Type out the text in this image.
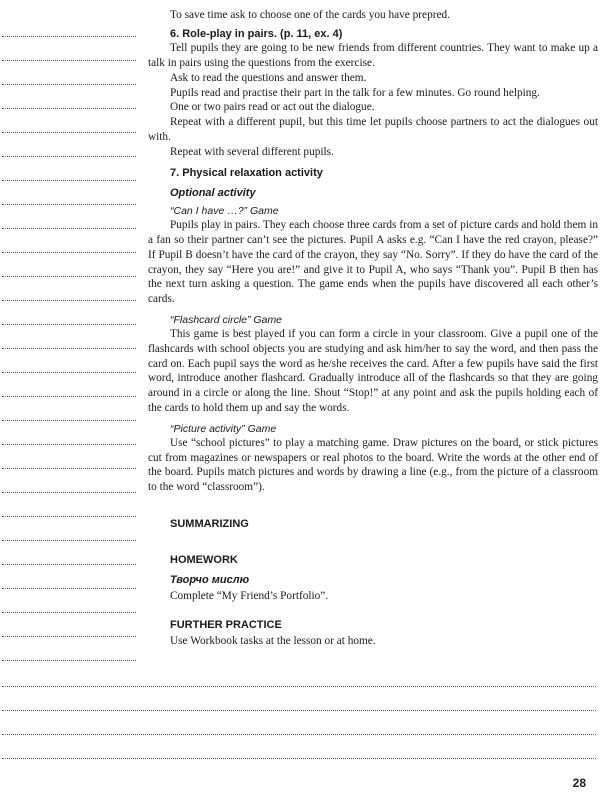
To save time ask to choose one of the cards you have prepred.

6. Role-play in pairs. (p. 11, ex. 4)

Tell pupils they are going to be new friends from different countries. They want to make up a talk in pairs using the questions from the exercise.

Ask to read the questions and answer them.

Pupils read and practise their part in the talk for a few minutes. Go round helping.

One or two pairs read or act out the dialogue.

Repeat with a different pupil, but this time let pupils choose partners to act the dialogues out with.

Repeat with several different pupils.

7. Physical relaxation activity
Optional activity
“Can I have …?” Game

Pupils play in pairs. They each choose three cards from a set of picture cards and hold them in a fan so their partner can’t see the pictures. Pupil A asks e.g. “Can I have the red crayon, please?” If Pupil B doesn’t have the card of the crayon, they say “No. Sorry”. If they do have the card of the crayon, they say “Here you are!” and give it to Pupil A, who says “Thank you”. Pupil B then has the next turn asking a question. The game ends when the pupils have discovered all each other’s cards.

“Flashcard circle” Game

This game is best played if you can form a circle in your classroom. Give a pupil one of the flashcards with school objects you are studying and ask him/her to say the word, and then pass the card on. Each pupil says the word as he/she receives the card. After a few pupils have said the first word, introduce another flashcard. Gradually introduce all of the flashcards so that they are going around in a circle or along the line. Shout “Stop!” at any point and ask the pupils holding each of the cards to hold them up and say the words.

“Picture activity” Game

Use “school pictures” to play a matching game. Draw pictures on the board, or stick pictures cut from magazines or newspapers or real photos to the board. Write the words at the other end of the board. Pupils match pictures and words by drawing a line (e.g., from the picture of a classroom to the word “classroom”).

SUMMARIZING
HOMEWORK
Творчо мислю

Complete “My Friend’s Portfolio”.

FURTHER PRACTICE

Use Workbook tasks at the lesson or at home.

28
